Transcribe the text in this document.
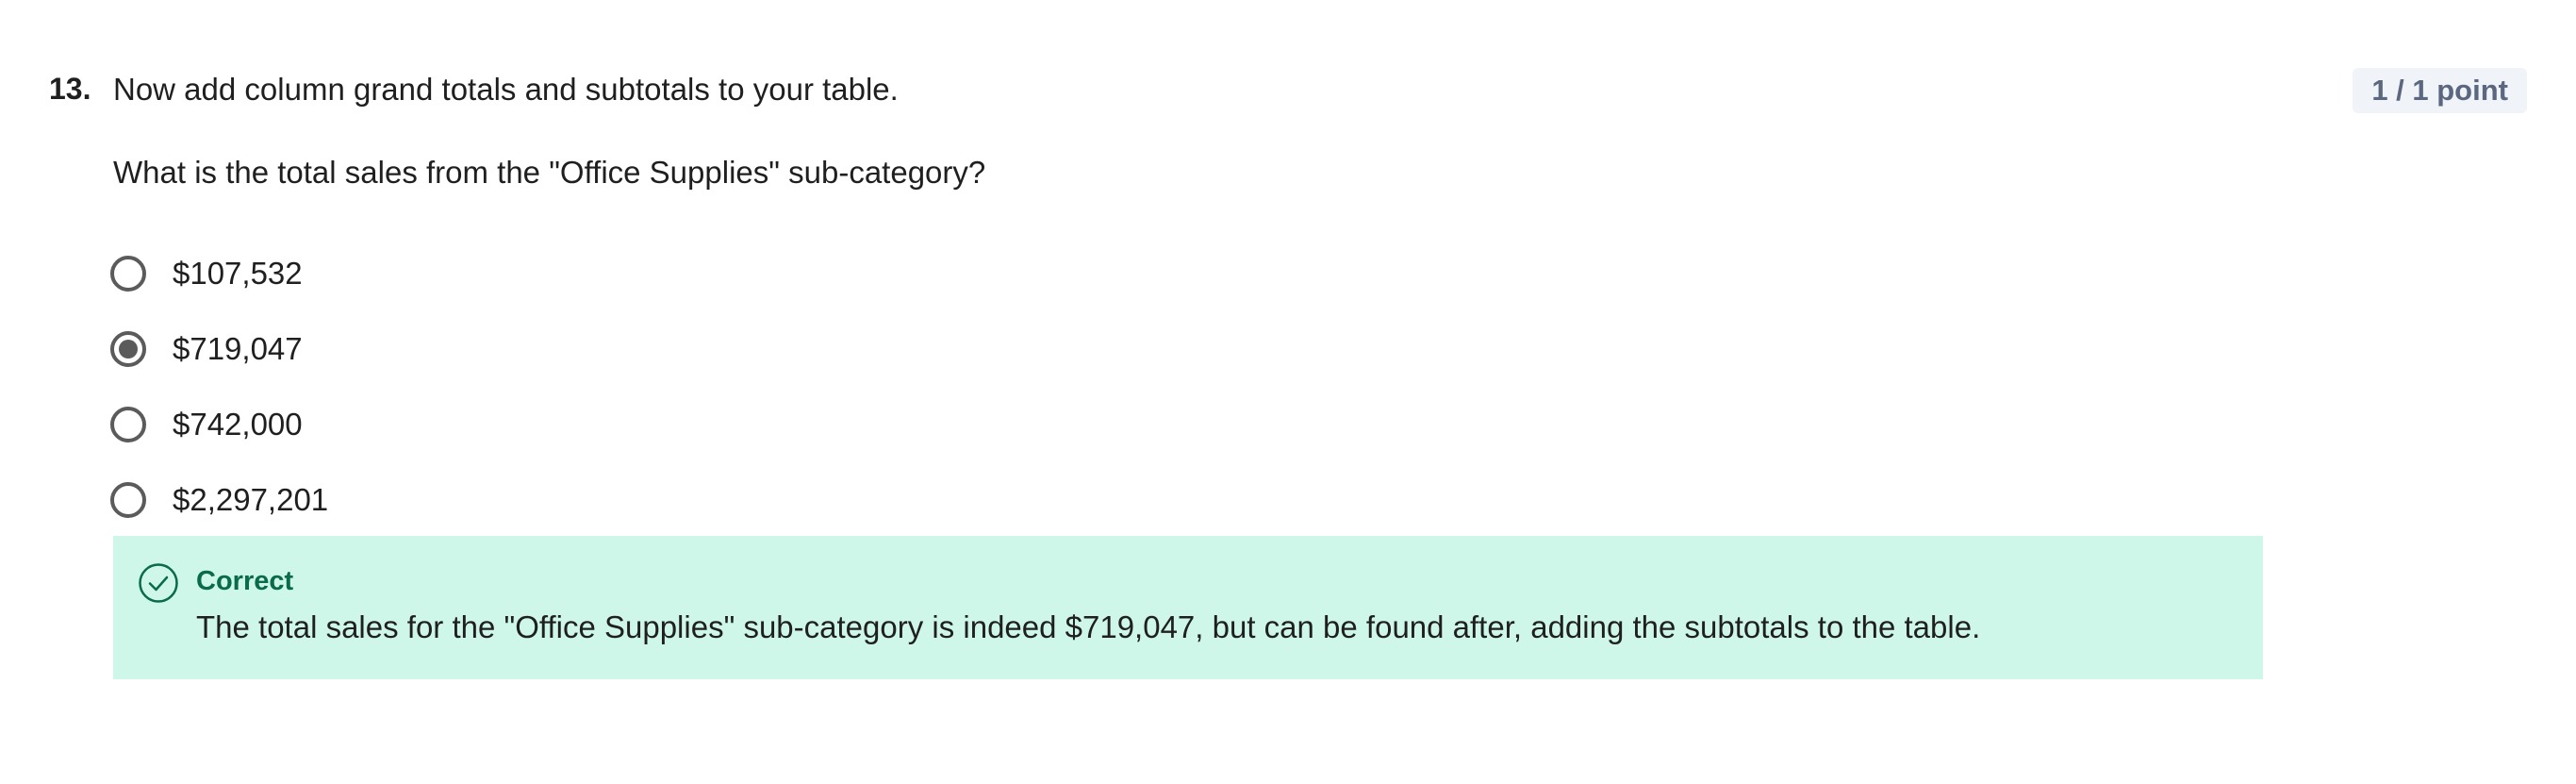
13. Now add column grand totals and subtotals to your table.	1 / 1 point
What is the total sales from the "Office Supplies" sub-category?
$107,532
$719,047
$742,000
$2,297,201
Correct
The total sales for the "Office Supplies" sub-category is indeed $719,047, but can be found after, adding the subtotals to the table.
